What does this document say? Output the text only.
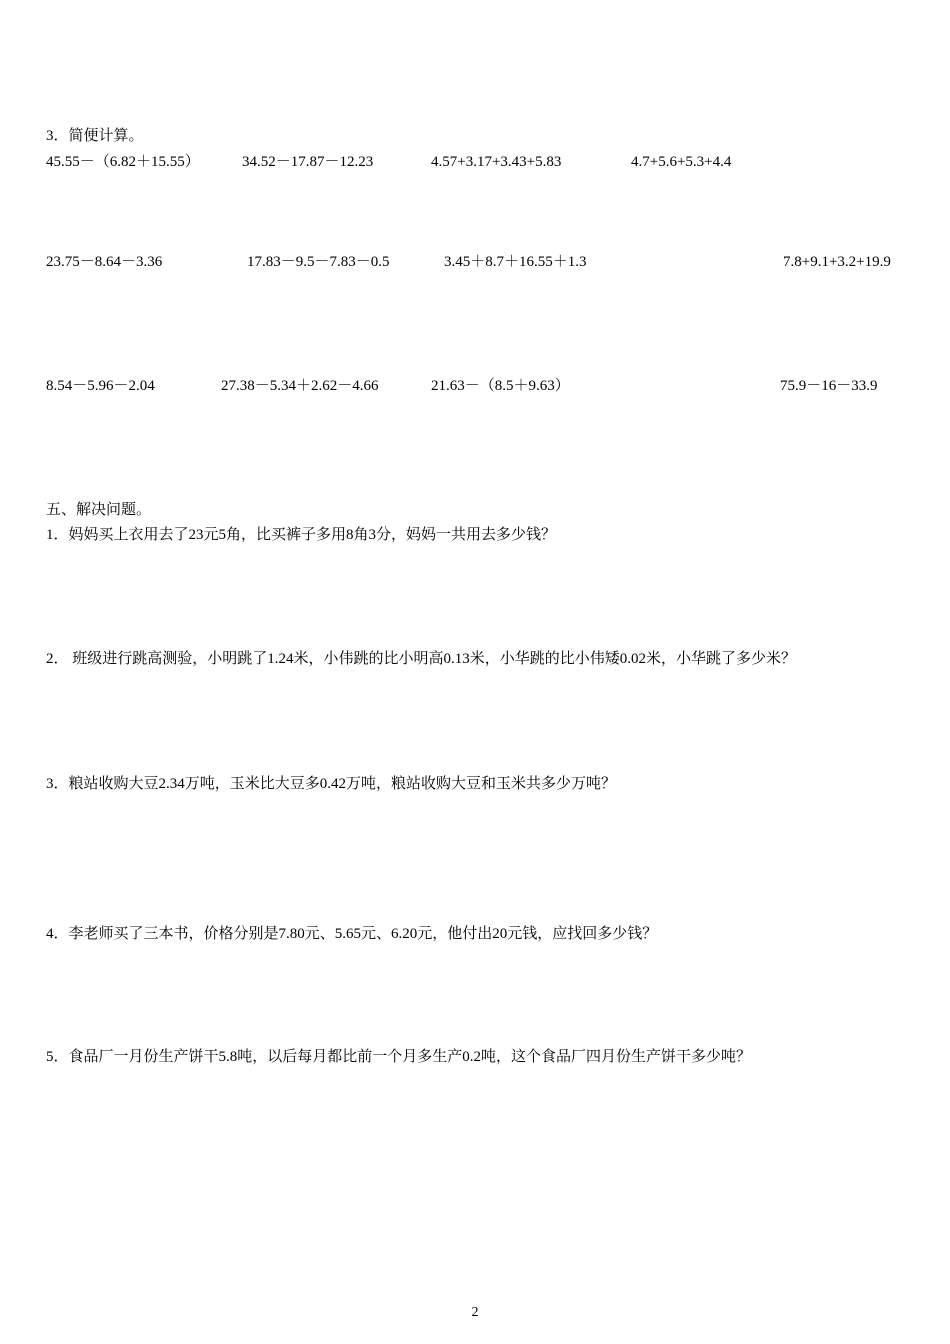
3．简便计算。
45.55－（6.82＋15.55）	34.52－17.87－12.23	4.57+3.17+3.43+5.83	4.7+5.6+5.3+4.4
23.75－8.64－3.36	17.83－9.5－7.83－0.5	3.45＋8.7＋16.55＋1.3	7.8+9.1+3.2+19.9
8.54－5.96－2.04	27.38－5.34＋2.62－4.66	21.63－（8.5＋9.63）	75.9－16－33.9
五、解决问题。
1．妈妈买上衣用去了23元5角，比买裤子多用8角3分，妈妈一共用去多少钱？
2． 班级进行跳高测验，小明跳了1.24米，小伟跳的比小明高0.13米，小华跳的比小伟矮0.02米，小华跳了多少米？
3．粮站收购大豆2.34万吨，玉米比大豆多0.42万吨，粮站收购大豆和玉米共多少万吨？
4．李老师买了三本书，价格分别是7.80元、5.65元、6.20元，他付出20元钱，应找回多少钱？
5．食品厂一月份生产饼干5.8吨，以后每月都比前一个月多生产0.2吨，这个食品厂四月份生产饼干多少吨？
2
